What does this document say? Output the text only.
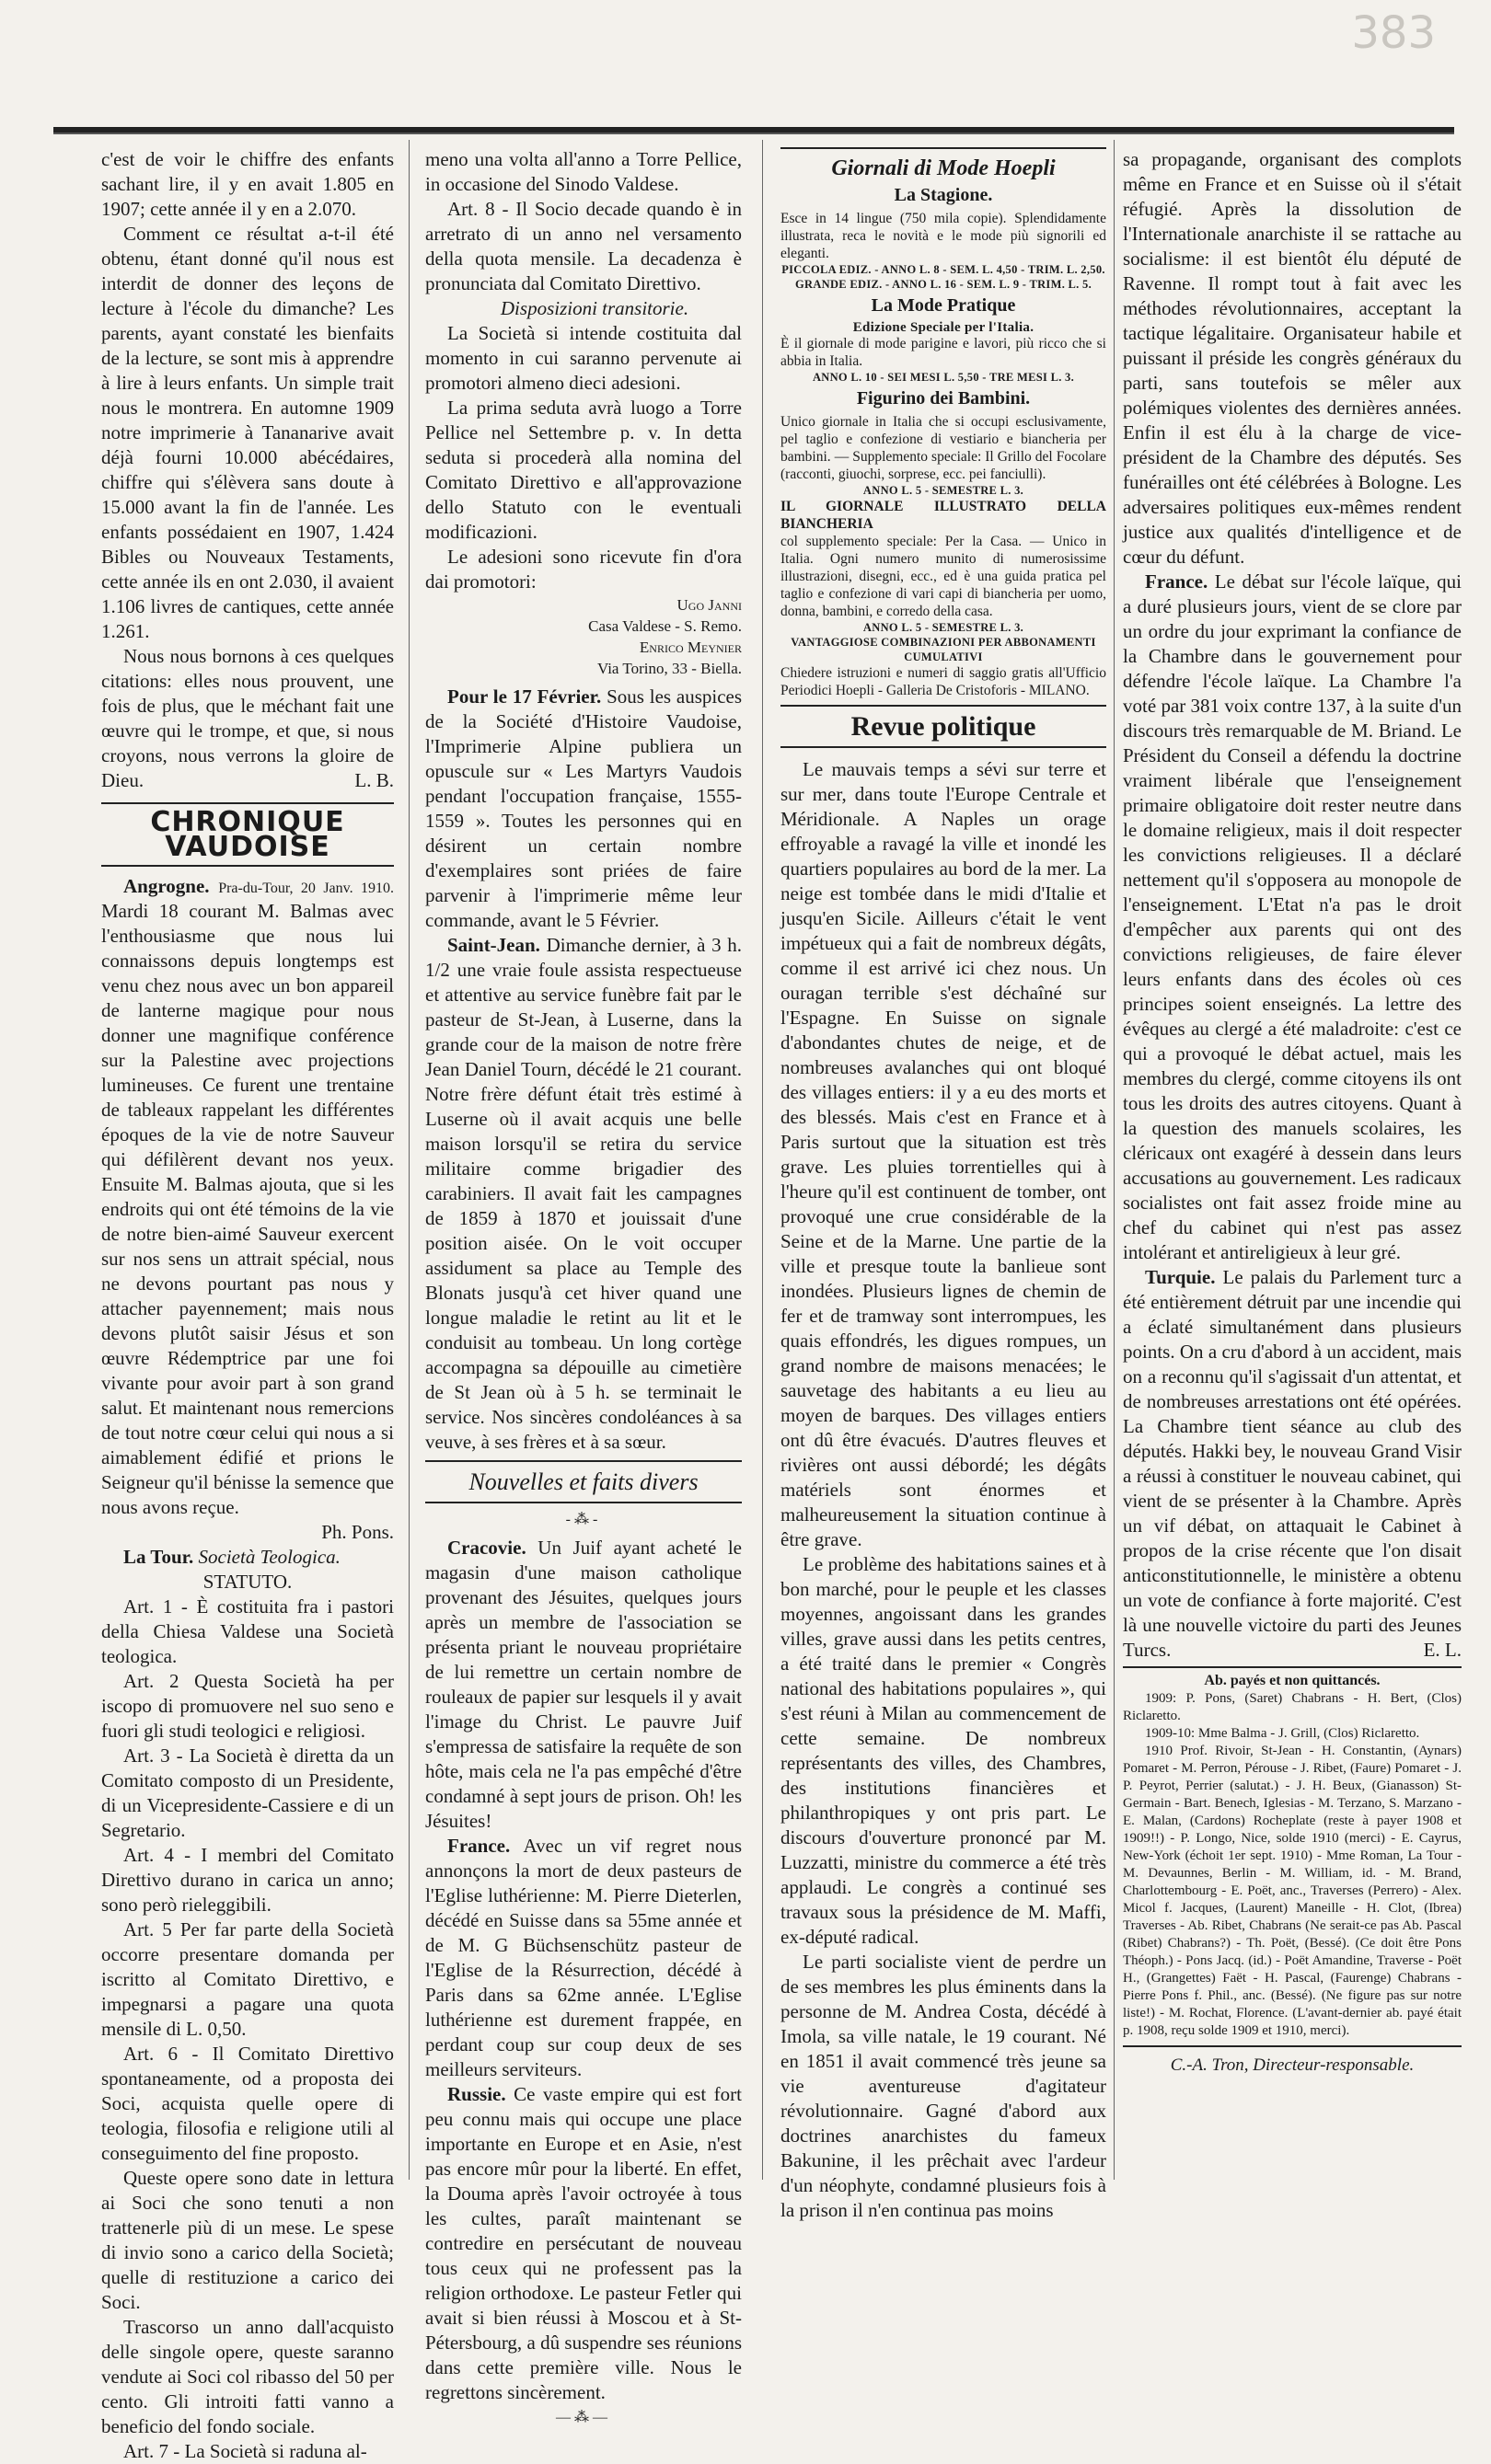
383

c'est de voir le chiffre des enfants sachant lire, il y en avait 1.805 en 1907; cette année il y en a 2.070.

Comment ce résultat a-t-il été obtenu, étant donné qu'il nous est interdit de donner des leçons de lecture à l'école du dimanche? Les parents, ayant constaté les bienfaits de la lecture, se sont mis à apprendre à lire à leurs enfants. Un simple trait nous le montrera. En automne 1909 notre imprimerie à Tananarive avait déjà fourni 10.000 abécédaires, chiffre qui s'élèvera sans doute à 15.000 avant la fin de l'année. Les enfants possédaient en 1907, 1.424 Bibles ou Nouveaux Testaments, cette année ils en ont 2.030, il avaient 1.106 livres de cantiques, cette année 1.261.

Nous nous bornons à ces quelques citations: elles nous prouvent, une fois de plus, que le méchant fait une œuvre qui le trompe, et que, si nous croyons, nous verrons la gloire de Dieu.	L. B.

CHRONIQUE VAUDOISE

Angrogne. Pra-du-Tour, 20 Janv. 1910. Mardi 18 courant M. Balmas avec l'enthousiasme que nous lui connaissons depuis longtemps est venu chez nous avec un bon appareil de lanterne magique pour nous donner une magnifique conférence sur la Palestine avec projections lumineuses. Ce furent une trentaine de tableaux rappelant les différentes époques de la vie de notre Sauveur qui défilèrent devant nos yeux. Ensuite M. Balmas ajouta, que si les endroits qui ont été témoins de la vie de notre bien-aimé Sauveur exercent sur nos sens un attrait spécial, nous ne devons pourtant pas nous y attacher payennement; mais nous devons plutôt saisir Jésus et son œuvre Rédemptrice par une foi vivante pour avoir part à son grand salut. Et maintenant nous remercions de tout notre cœur celui qui nous a si aimablement édifié et prions le Seigneur qu'il bénisse la semence que nous avons reçue.

Ph. Pons.

La Tour. Società Teologica.

STATUTO.

Art. 1 - È costituita fra i pastori della Chiesa Valdese una Società teologica.

Art. 2 Questa Società ha per iscopo di promuovere nel suo seno e fuori gli studi teologici e religiosi.

Art. 3 - La Società è diretta da un Comitato composto di un Presidente, di un Vicepresidente-Cassiere e di un Segretario.

Art. 4 - I membri del Comitato Direttivo durano in carica un anno; sono però rieleggibili.

Art. 5 Per far parte della Società occorre presentare domanda per iscritto al Comitato Direttivo, e impegnarsi a pagare una quota mensile di L. 0,50.

Art. 6 - Il Comitato Direttivo spontaneamente, od a proposta dei Soci, acquista quelle opere di teologia, filosofia e religione utili al conseguimento del fine proposto.

Queste opere sono date in lettura ai Soci che sono tenuti a non trattenerle più di un mese. Le spese di invio sono a carico della Società; quelle di restituzione a carico dei Soci.

Trascorso un anno dall'acquisto delle singole opere, queste saranno vendute ai Soci col ribasso del 50 per cento. Gli introiti fatti vanno a beneficio del fondo sociale.

Art. 7 - La Società si raduna al-

meno una volta all'anno a Torre Pellice, in occasione del Sinodo Valdese.

Art. 8 - Il Socio decade quando è in arretrato di un anno nel versamento della quota mensile. La decadenza è pronunciata dal Comitato Direttivo.

Disposizioni transitorie.

La Società si intende costituita dal momento in cui saranno pervenute ai promotori almeno dieci adesioni.

La prima seduta avrà luogo a Torre Pellice nel Settembre p. v. In detta seduta si procederà alla nomina del Comitato Direttivo e all'approvazione dello Statuto con le eventuali modificazioni.

Le adesioni sono ricevute fin d'ora dai promotori:

Ugo Janni
Casa Valdese - S. Remo.
Enrico Meynier
Via Torino, 33 - Biella.

Pour le 17 Février. Sous les auspices de la Société d'Histoire Vaudoise, l'Imprimerie Alpine publiera un opuscule sur « Les Martyrs Vaudois pendant l'occupation française, 1555-1559 ». Toutes les personnes qui en désirent un certain nombre d'exemplaires sont priées de faire parvenir à l'imprimerie même leur commande, avant le 5 Février.

Saint-Jean. Dimanche dernier, à 3 h. 1/2 une vraie foule assista respectueuse et attentive au service funèbre fait par le pasteur de St-Jean, à Luserne, dans la grande cour de la maison de notre frère Jean Daniel Tourn, décédé le 21 courant. Notre frère défunt était très estimé à Luserne où il avait acquis une belle maison lorsqu'il se retira du service militaire comme brigadier des carabiniers. Il avait fait les campagnes de 1859 à 1870 et jouissait d'une position aisée. On le voit occuper assidument sa place au Temple des Blonats jusqu'à cet hiver quand une longue maladie le retint au lit et le conduisit au tombeau. Un long cortège accompagna sa dépouille au cimetière de St Jean où à 5 h. se terminait le service. Nos sincères condoléances à sa veuve, à ses frères et à sa sœur.

Nouvelles et faits divers
-⁂-

Cracovie. Un Juif ayant acheté le magasin d'une maison catholique provenant des Jésuites, quelques jours après un membre de l'association se présenta priant le nouveau propriétaire de lui remettre un certain nombre de rouleaux de papier sur lesquels il y avait l'image du Christ. Le pauvre Juif s'empressa de satisfaire la requête de son hôte, mais cela ne l'a pas empêché d'être condamné à sept jours de prison. Oh! les Jésuites!

France. Avec un vif regret nous annonçons la mort de deux pasteurs de l'Eglise luthérienne: M. Pierre Dieterlen, décédé en Suisse dans sa 55me année et de M. G Büchsenschütz pasteur de l'Eglise de la Résurrection, décédé à Paris dans sa 62me année. L'Eglise luthérienne est durement frappée, en perdant coup sur coup deux de ses meilleurs serviteurs.

Russie. Ce vaste empire qui est fort peu connu mais qui occupe une place importante en Europe et en Asie, n'est pas encore mûr pour la liberté. En effet, la Douma après l'avoir octroyée à tous les cultes, paraît maintenant se contredire en persécutant de nouveau tous ceux qui ne professent pas la religion orthodoxe. Le pasteur Fetler qui avait si bien réussi à Moscou et à St-Pétersbourg, a dû suspendre ses réunions dans cette première ville. Nous le regrettons sincèrement.

—⁂—
Giornali di Mode Hoepli
La Stagione.
Esce in 14 lingue (750 mila copie). Splendidamente illustrata, reca le novità e le mode più signorili ed eleganti.
PICCOLA EDIZ. - ANNO L. 8 - SEM. L. 4,50 - TRIM. L. 2,50.
GRANDE EDIZ. - ANNO L. 16 - SEM. L. 9 - TRIM. L. 5.
La Mode Pratique
Edizione Speciale per l'Italia.
È il giornale di mode parigine e lavori, più ricco che si abbia in Italia.
ANNO L. 10 - SEI MESI L. 5,50 - TRE MESI L. 3.
Figurino dei Bambini.
Unico giornale in Italia che si occupi esclusivamente, pel taglio e confezione di vestiario e biancheria per bambini. — Supplemento speciale: Il Grillo del Focolare (racconti, giuochi, sorprese, ecc. pei fanciulli).
ANNO L. 5 - SEMESTRE L. 3.
IL GIORNALE ILLUSTRATO DELLA BIANCHERIA
col supplemento speciale: Per la Casa. — Unico in Italia. Ogni numero munito di numerosissime illustrazioni, disegni, ecc., ed è una guida pratica pel taglio e confezione di vari capi di biancheria per uomo, donna, bambini, e corredo della casa.
ANNO L. 5 - SEMESTRE L. 3.
VANTAGGIOSE COMBINAZIONI PER ABBONAMENTI CUMULATIVI
Chiedere istruzioni e numeri di saggio gratis all'Ufficio Periodici Hoepli - Galleria De Cristoforis - MILANO.
Revue politique

Le mauvais temps a sévi sur terre et sur mer, dans toute l'Europe Centrale et Méridionale. A Naples un orage effroyable a ravagé la ville et inondé les quartiers populaires au bord de la mer. La neige est tombée dans le midi d'Italie et jusqu'en Sicile. Ailleurs c'était le vent impétueux qui a fait de nombreux dégâts, comme il est arrivé ici chez nous. Un ouragan terrible s'est déchaîné sur l'Espagne. En Suisse on signale d'abondantes chutes de neige, et de nombreuses avalanches qui ont bloqué des villages entiers: il y a eu des morts et des blessés. Mais c'est en France et à Paris surtout que la situation est très grave. Les pluies torrentielles qui à l'heure qu'il est continuent de tomber, ont provoqué une crue considérable de la Seine et de la Marne. Une partie de la ville et presque toute la banlieue sont inondées. Plusieurs lignes de chemin de fer et de tramway sont interrompues, les quais effondrés, les digues rompues, un grand nombre de maisons menacées; le sauvetage des habitants a eu lieu au moyen de barques. Des villages entiers ont dû être évacués. D'autres fleuves et rivières ont aussi débordé; les dégâts matériels sont énormes et malheureusement la situation continue à être grave.

Le problème des habitations saines et à bon marché, pour le peuple et les classes moyennes, angoissant dans les grandes villes, grave aussi dans les petits centres, a été traité dans le premier « Congrès national des habitations populaires », qui s'est réuni à Milan au commencement de cette semaine. De nombreux représentants des villes, des Chambres, des institutions financières et philanthropiques y ont pris part. Le discours d'ouverture prononcé par M. Luzzatti, ministre du commerce a été très applaudi. Le congrès a continué ses travaux sous la présidence de M. Maffi, ex-député radical.

Le parti socialiste vient de perdre un de ses membres les plus éminents dans la personne de M. Andrea Costa, décédé à Imola, sa ville natale, le 19 courant. Né en 1851 il avait commencé très jeune sa vie aventureuse d'agitateur révolutionnaire. Gagné d'abord aux doctrines anarchistes du fameux Bakunine, il les prêchait avec l'ardeur d'un néophyte, condamné plusieurs fois à la prison il n'en continua pas moins

sa propagande, organisant des complots même en France et en Suisse où il s'était réfugié. Après la dissolution de l'Internationale anarchiste il se rattache au socialisme: il est bientôt élu député de Ravenne. Il rompt tout à fait avec les méthodes révolutionnaires, acceptant la tactique légalitaire. Organisateur habile et puissant il préside les congrès généraux du parti, sans toutefois se mêler aux polémiques violentes des dernières années. Enfin il est élu à la charge de vice-président de la Chambre des députés. Ses funérailles ont été célébrées à Bologne. Les adversaires politiques eux-mêmes rendent justice aux qualités d'intelligence et de cœur du défunt.

France. Le débat sur l'école laïque, qui a duré plusieurs jours, vient de se clore par un ordre du jour exprimant la confiance de la Chambre dans le gouvernement pour défendre l'école laïque. La Chambre l'a voté par 381 voix contre 137, à la suite d'un discours très remarquable de M. Briand. Le Président du Conseil a défendu la doctrine vraiment libérale que l'enseignement primaire obligatoire doit rester neutre dans le domaine religieux, mais il doit respecter les convictions religieuses. Il a déclaré nettement qu'il s'opposera au monopole de l'enseignement. L'Etat n'a pas le droit d'empêcher aux parents qui ont des convictions religieuses, de faire élever leurs enfants dans des écoles où ces principes soient enseignés. La lettre des évêques au clergé a été maladroite: c'est ce qui a provoqué le débat actuel, mais les membres du clergé, comme citoyens ils ont tous les droits des autres citoyens. Quant à la question des manuels scolaires, les cléricaux ont exagéré à dessein dans leurs accusations au gouvernement. Les radicaux socialistes ont fait assez froide mine au chef du cabinet qui n'est pas assez intolérant et antireligieux à leur gré.

Turquie. Le palais du Parlement turc a été entièrement détruit par une incendie qui a éclaté simultanément dans plusieurs points. On a cru d'abord à un accident, mais on a reconnu qu'il s'agissait d'un attentat, et de nombreuses arrestations ont été opérées. La Chambre tient séance au club des députés. Hakki bey, le nouveau Grand Visir a réussi à constituer le nouveau cabinet, qui vient de se présenter à la Chambre. Après un vif débat, on attaquait le Cabinet à propos de la crise récente que l'on disait anticonstitutionnelle, le ministère a obtenu un vote de confiance à forte majorité. C'est là une nouvelle victoire du parti des Jeunes Turcs.	E. L.

Ab. payés et non quittancés.

1909: P. Pons, (Saret) Chabrans - H. Bert, (Clos) Riclaretto.

1909-10: Mme Balma - J. Grill, (Clos) Riclaretto.

1910 Prof. Rivoir, St-Jean - H. Constantin, (Aynars) Pomaret - M. Perron, Pérouse - J. Ribet, (Faure) Pomaret - J. P. Peyrot, Perrier (salutat.) - J. H. Beux, (Gianasson) St-Germain - Bart. Benech, Iglesias - M. Terzano, S. Marzano - E. Malan, (Cardons) Rocheplate (reste à payer 1908 et 1909!!) - P. Longo, Nice, solde 1910 (merci) - E. Cayrus, New-York (échoit 1er sept. 1910) - Mme Roman, La Tour - M. Devaunnes, Berlin - M. William, id. - M. Brand, Charlottembourg - E. Poët, anc., Traverses (Perrero) - Alex. Micol f. Jacques, (Laurent) Maneille - H. Clot, (Ibrea) Traverses - Ab. Ribet, Chabrans (Ne serait-ce pas Ab. Pascal (Ribet) Chabrans?) - Th. Poët, (Bessé). (Ce doit être Pons Théoph.) - Pons Jacq. (id.) - Poët Amandine, Traverse - Poët H., (Grangettes) Faët - H. Pascal, (Faurenge) Chabrans - Pierre Pons f. Phil., anc. (Bessé). (Ne figure pas sur notre liste!) - M. Rochat, Florence. (L'avant-dernier ab. payé était p. 1908, reçu solde 1909 et 1910, merci).

C.-A. Tron, Directeur-responsable.
